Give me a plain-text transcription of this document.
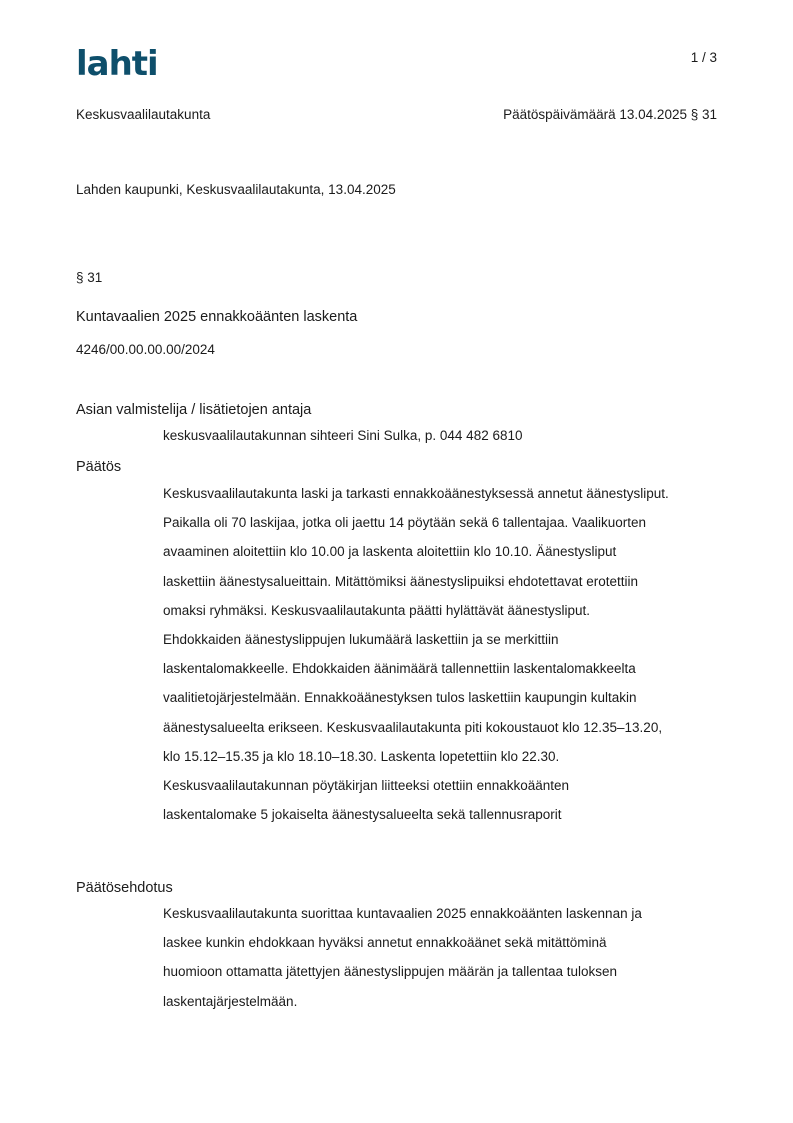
lahti	1 / 3
Keskusvaalilautakunta	Päätöspäivämäärä 13.04.2025 § 31
Lahden kaupunki, Keskusvaalilautakunta, 13.04.2025
§ 31
Kuntavaalien 2025 ennakkoäänten laskenta
4246/00.00.00.00/2024
Asian valmistelija / lisätietojen antaja
keskusvaalilautakunnan sihteeri Sini Sulka, p. 044 482 6810
Päätös
Keskusvaalilautakunta laski ja tarkasti ennakkoäänestyksessä annetut äänestysliput.
Paikalla oli 70 laskijaa, jotka oli jaettu 14 pöytään sekä 6 tallentajaa. Vaalikuorten
avaaminen aloitettiin klo 10.00 ja laskenta aloitettiin klo 10.10. Äänestysliput
laskettiin äänestysalueittain. Mitättömiksi äänestyslipuiksi ehdotettavat erotettiin
omaksi ryhmäksi. Keskusvaalilautakunta päätti hylättävät äänestysliput.
Ehdokkaiden äänestyslippujen lukumäärä laskettiin ja se merkittiin
laskentalomakkeelle. Ehdokkaiden äänimäärä tallennettiin laskentalomakkeelta
vaalitietojärjestelmään. Ennakkoäänestyksen tulos laskettiin kaupungin kultakin
äänestysalueelta erikseen. Keskusvaalilautakunta piti kokoustauot klo 12.35–13.20,
klo 15.12–15.35 ja klo 18.10–18.30. Laskenta lopetettiin klo 22.30.
Keskusvaalilautakunnan pöytäkirjan liitteeksi otettiin ennakkoäänten
laskentalomake 5 jokaiselta äänestysalueelta sekä tallennusraporit
Päätösehdotus
Keskusvaalilautakunta suorittaa kuntavaalien 2025 ennakkoäänten laskennan ja
laskee kunkin ehdokkaan hyväksi annetut ennakkoäänet sekä mitättöminä
huomioon ottamatta jätettyjen äänestyslippujen määrän ja tallentaa tuloksen
laskentajärjestelmään.
